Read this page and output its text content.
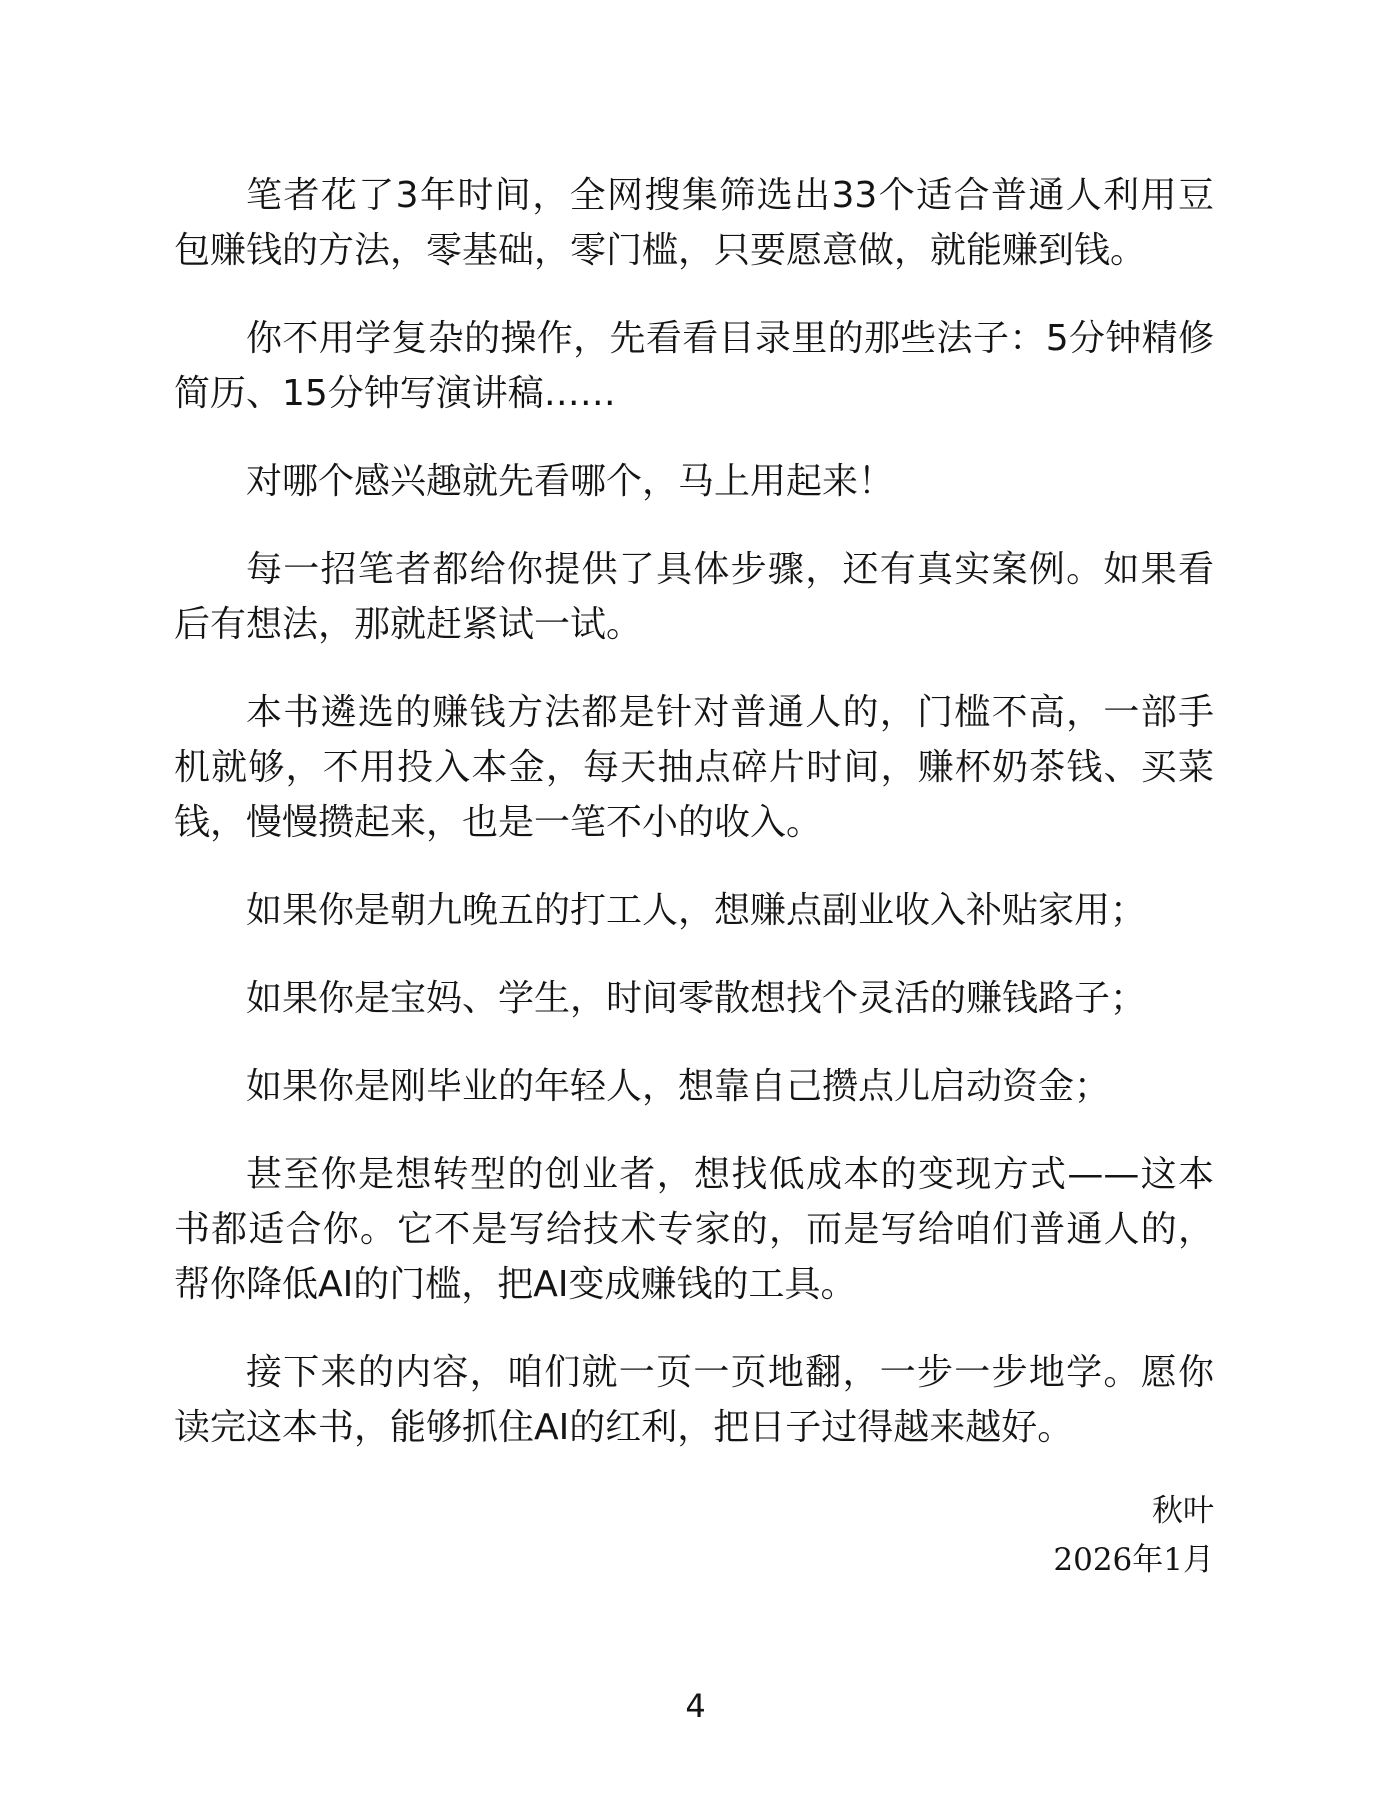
笔者花了3年时间，全网搜集筛选出33个适合普通人利用豆包赚钱的方法，零基础，零门槛，只要愿意做，就能赚到钱。

你不用学复杂的操作，先看看目录里的那些法子：5分钟精修简历、15分钟写演讲稿……

对哪个感兴趣就先看哪个，马上用起来！

每一招笔者都给你提供了具体步骤，还有真实案例。如果看后有想法，那就赶紧试一试。

本书遴选的赚钱方法都是针对普通人的，门槛不高，一部手机就够，不用投入本金，每天抽点碎片时间，赚杯奶茶钱、买菜钱，慢慢攒起来，也是一笔不小的收入。

如果你是朝九晚五的打工人，想赚点副业收入补贴家用；

如果你是宝妈、学生，时间零散想找个灵活的赚钱路子；

如果你是刚毕业的年轻人，想靠自己攒点儿启动资金；

甚至你是想转型的创业者，想找低成本的变现方式——这本书都适合你。它不是写给技术专家的，而是写给咱们普通人的，帮你降低AI的门槛，把AI变成赚钱的工具。

接下来的内容，咱们就一页一页地翻，一步一步地学。愿你读完这本书，能够抓住AI的红利，把日子过得越来越好。

秋叶
2026年1月
4
